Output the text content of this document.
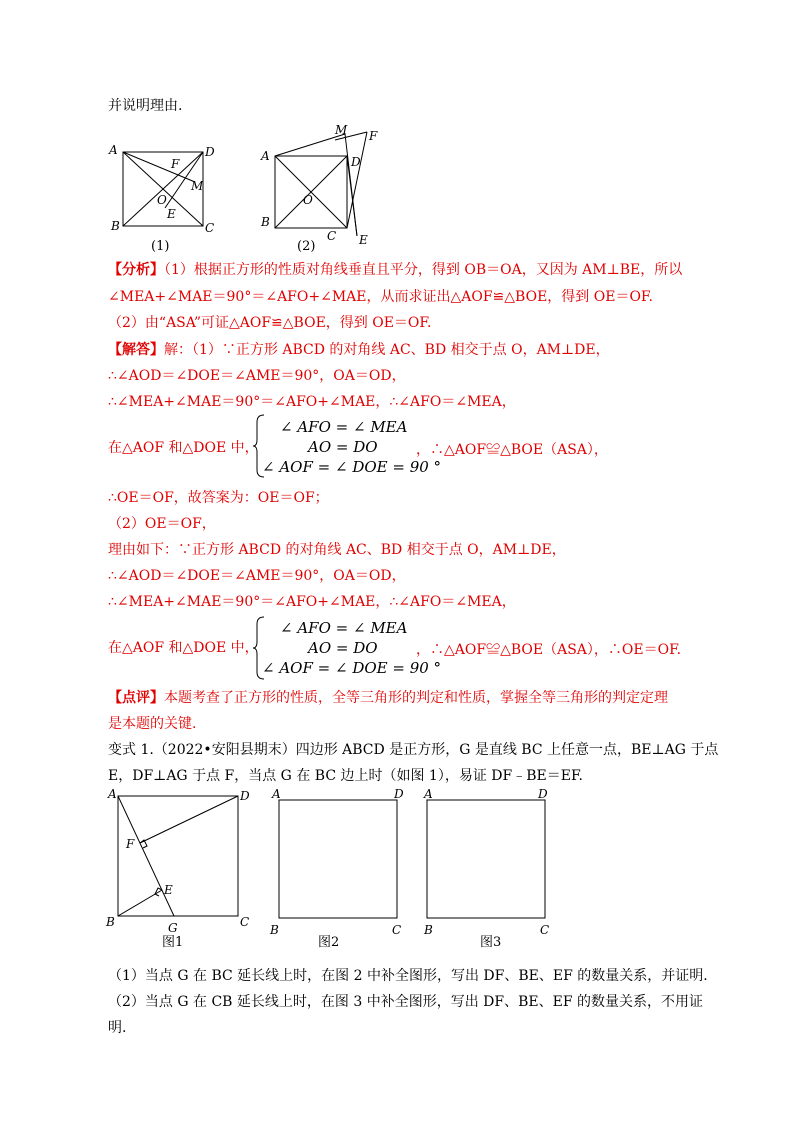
并说明理由.
A	D
B	C
O
F
M
E
A	D
B
C
O
M F
E
(1)	(2)
【分析】（1）根据正方形的性质对角线垂直且平分，得到 OB＝OA，又因为 AM⊥BE，所以
∠MEA+∠MAE＝90°＝∠AFO+∠MAE，从而求证出△AOF≌△BOE，得到 OE＝OF.
（2）由“ASA”可证△AOF≌△BOE，得到 OE＝OF.
【解答】解：（1）∵正方形 ABCD 的对角线 AC、BD 相交于点 O，AM⊥DE，
∴∠AOD＝∠DOE＝∠AME＝90°，OA＝OD，
∴∠MEA+∠MAE＝90°＝∠AFO+∠MAE，∴∠AFO＝∠MEA，
在△AOF 和△DOE 中，
∠ AFO = ∠ MEA
AO = DO
∠ AOF = ∠ DOE = 90 °
，∴△AOF≌△BOE（ASA），
∴OE＝OF，故答案为：OE＝OF；
（2）OE＝OF，
理由如下：∵正方形 ABCD 的对角线 AC、BD 相交于点 O，AM⊥DE，
∴∠AOD＝∠DOE＝∠AME＝90°，OA＝OD，
∴∠MEA+∠MAE＝90°＝∠AFO+∠MAE，∴∠AFO＝∠MEA，
在△AOF 和△DOE 中，
∠ AFO = ∠ MEA
AO = DO
∠ AOF = ∠ DOE = 90 °
，∴△AOF≌△BOE（ASA），∴OE＝OF.
【点评】本题考查了正方形的性质，全等三角形的判定和性质，掌握全等三角形的判定定理
是本题的关键.
变式 1.（2022•安阳县期末）四边形 ABCD 是正方形，G 是直线 BC 上任意一点，BE⊥AG 于点
E，DF⊥AG 于点 F，当点 G 在 BC 边上时（如图 1），易证 DF﹣BE＝EF.
A	D
B	C
F
E
G
A	D
B	C
A	D
B	C
图1	图2	图3
（1）当点 G 在 BC 延长线上时，在图 2 中补全图形，写出 DF、BE、EF 的数量关系，并证明.
（2）当点 G 在 CB 延长线上时，在图 3 中补全图形，写出 DF、BE、EF 的数量关系，不用证
明.
